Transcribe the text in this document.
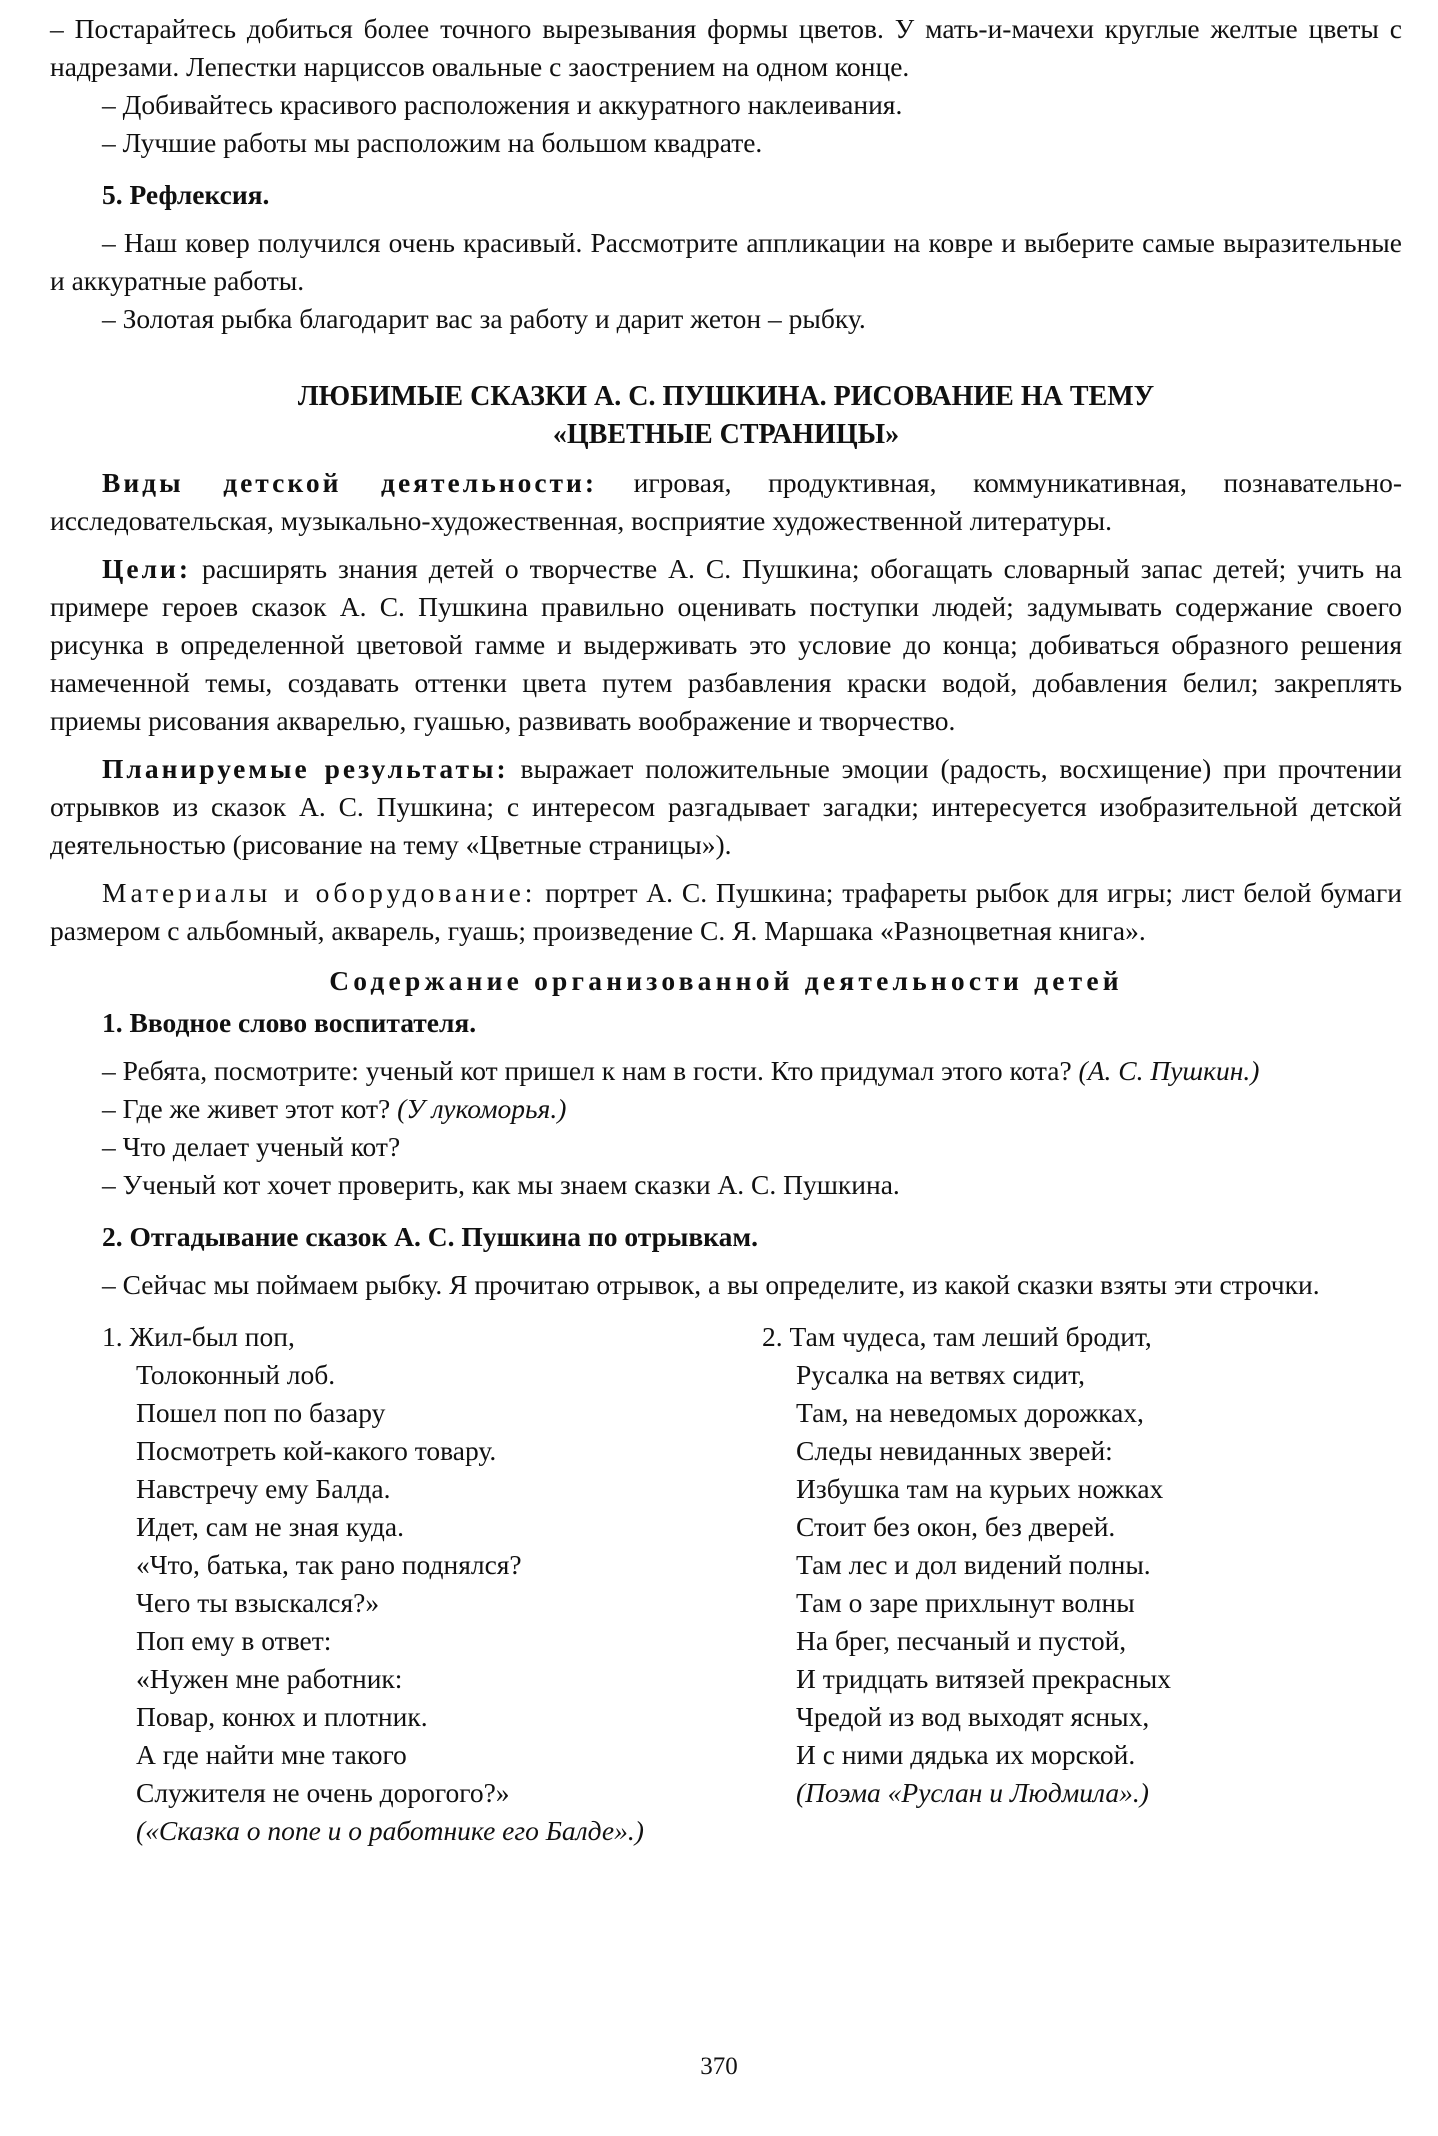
– Постарайтесь добиться более точного вырезывания формы цветов. У мать-и-мачехи круглые желтые цветы с надрезами. Лепестки нарциссов овальные с заострением на одном конце.

– Добивайтесь красивого расположения и аккуратного наклеивания.

– Лучшие работы мы расположим на большом квадрате.

5. Рефлексия.

– Наш ковер получился очень красивый. Рассмотрите аппликации на ковре и выберите самые выразительные и аккуратные работы.

– Золотая рыбка благодарит вас за работу и дарит жетон – рыбку.

ЛЮБИМЫЕ СКАЗКИ А. С. ПУШКИНА. РИСОВАНИЕ НА ТЕМУ
«ЦВЕТНЫЕ СТРАНИЦЫ»

Виды детской деятельности: игровая, продуктивная, коммуникативная, познавательно-исследовательская, музыкально-художественная, восприятие художественной литературы.

Цели: расширять знания детей о творчестве А. С. Пушкина; обогащать словарный запас детей; учить на примере героев сказок А. С. Пушкина правильно оценивать поступки людей; задумывать содержание своего рисунка в определенной цветовой гамме и выдерживать это условие до конца; добиваться образного решения намеченной темы, создавать оттенки цвета путем разбавления краски водой, добавления белил; закреплять приемы рисования акварелью, гуашью, развивать воображение и творчество.

Планируемые результаты: выражает положительные эмоции (радость, восхищение) при прочтении отрывков из сказок А. С. Пушкина; с интересом разгадывает загадки; интересуется изобразительной детской деятельностью (рисование на тему «Цветные страницы»).

Материалы и оборудование: портрет А. С. Пушкина; трафареты рыбок для игры; лист белой бумаги размером с альбомный, акварель, гуашь; произведение С. Я. Маршака «Разноцветная книга».

Содержание организованной деятельности детей

1. Вводное слово воспитателя.

– Ребята, посмотрите: ученый кот пришел к нам в гости. Кто придумал этого кота? (А. С. Пушкин.)

– Где же живет этот кот? (У лукоморья.)

– Что делает ученый кот?

– Ученый кот хочет проверить, как мы знаем сказки А. С. Пушкина.

2. Отгадывание сказок А. С. Пушкина по отрывкам.

– Сейчас мы поймаем рыбку. Я прочитаю отрывок, а вы определите, из какой сказки взяты эти строчки.

1. Жил-был поп,
Толоконный лоб.
Пошел поп по базару
Посмотреть кой-какого товару.
Навстречу ему Балда.
Идет, сам не зная куда.
«Что, батька, так рано поднялся?
Чего ты взыскался?»
Поп ему в ответ:
«Нужен мне работник:
Повар, конюх и плотник.
А где найти мне такого
Служителя не очень дорогого?»
(«Сказка о попе и о работнике его Балде».)
2. Там чудеса, там леший бродит,
Русалка на ветвях сидит,
Там, на неведомых дорожках,
Следы невиданных зверей:
Избушка там на курьих ножках
Стоит без окон, без дверей.
Там лес и дол видений полны.
Там о заре прихлынут волны
На брег, песчаный и пустой,
И тридцать витязей прекрасных
Чредой из вод выходят ясных,
И с ними дядька их морской.
(Поэма «Руслан и Людмила».)
370
